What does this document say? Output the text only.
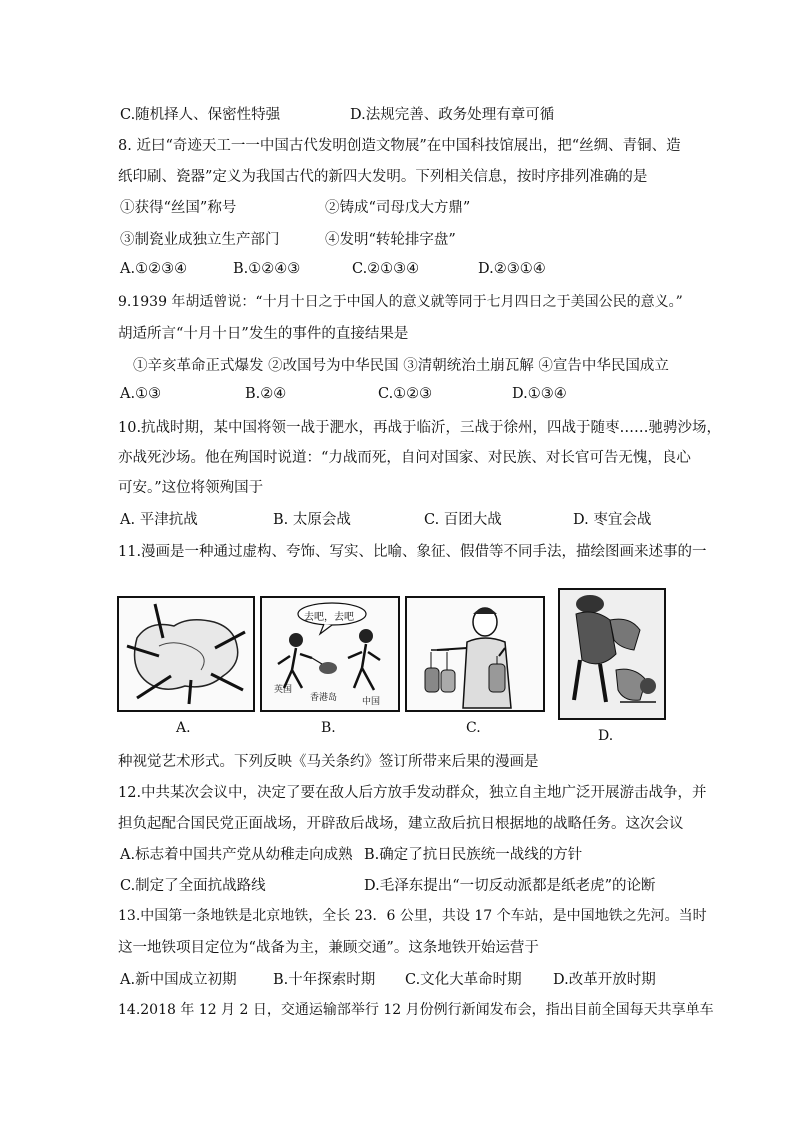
C.随机择人、保密性特强	D.法规完善、政务处理有章可循
8. 近曰“奇迹天工一一中国古代发明创造文物展”在中国科技馆展出，把“丝绸、青铜、造
纸印刷、瓷器”定义为我国古代的新四大发明。下列相关信息，按时序排列准确的是
①获得“丝国”称号	②铸成“司母戊大方鼎”
③制瓷业成独立生产部门	④发明“转轮排字盘”
A.①②③④	B.①②④③	C.②①③④	D.②③①④
9.1939 年胡适曾说：“十月十日之于中国人的意义就等同于七月四日之于美国公民的意义。”
胡适所言“十月十日”发生的事件的直接结果是
①辛亥革命正式爆发 ②改国号为中华民国 ③清朝统治土崩瓦解 ④宣告中华民国成立
A.①③	B.②④	C.①②③	D.①③④
10.抗战时期，某中国将领一战于淝水，再战于临沂，三战于徐州，四战于随枣……驰骋沙场，
亦战死沙场。他在殉国时说道：“力战而死，自问对国家、对民族、对长官可告无愧，良心
可安。”这位将领殉国于
A. 平津抗战	B. 太原会战	C. 百团大战	D. 枣宜会战
11.漫画是一种通过虚构、夸饰、写实、比喻、象征、假借等不同手法，描绘图画来述事的一
A.
去吧，去吧
英国
香港岛	中国
B.	C.	D.
种视觉艺术形式。下列反映《马关条约》签订所带来后果的漫画是
12.中共某次会议中，决定了要在敌人后方放手发动群众，独立自主地广泛开展游击战争，并
担负起配合国民党正面战场，开辟敌后战场，建立敌后抗日根据地的战略任务。这次会议
A.标志着中国共产党从幼稚走向成熟 B.确定了抗日民族统一战线的方针
C.制定了全面抗战路线	D.毛泽东提出“一切反动派都是纸老虎”的论断
13.中国第一条地铁是北京地铁，全长 23．6 公里，共设 17 个车站，是中国地铁之先河。当时
这一地铁项目定位为“战备为主，兼顾交通”。这条地铁开始运营于
A.新中国成立初期	B.十年探索时期 C.文化大革命时期 D.改革开放时期
14.2018 年 12 月 2 日，交通运输部举行 12 月份例行新闻发布会，指出目前全国每天共享单车
